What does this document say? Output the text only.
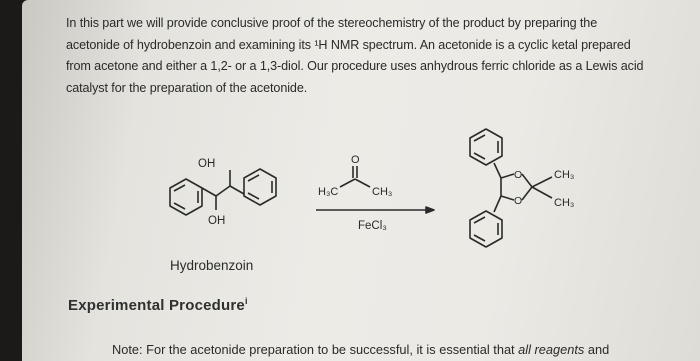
In this part we will provide conclusive proof of the stereochemistry of the product by preparing the
acetonide of hydrobenzoin and examining its ¹H NMR spectrum. An acetonide is a cyclic ketal prepared
from acetone and either a 1,2- or a 1,3-diol. Our procedure uses anhydrous ferric chloride as a Lewis acid
catalyst for the preparation of the acetonide.
OH
OH
O
H₃C	CH₃
FeCl₃
O
O
CH₃
CH₃
Hydrobenzoin
Experimental Procedure$^i$
Note: For the acetonide preparation to be successful, it is essential that all reagents and
